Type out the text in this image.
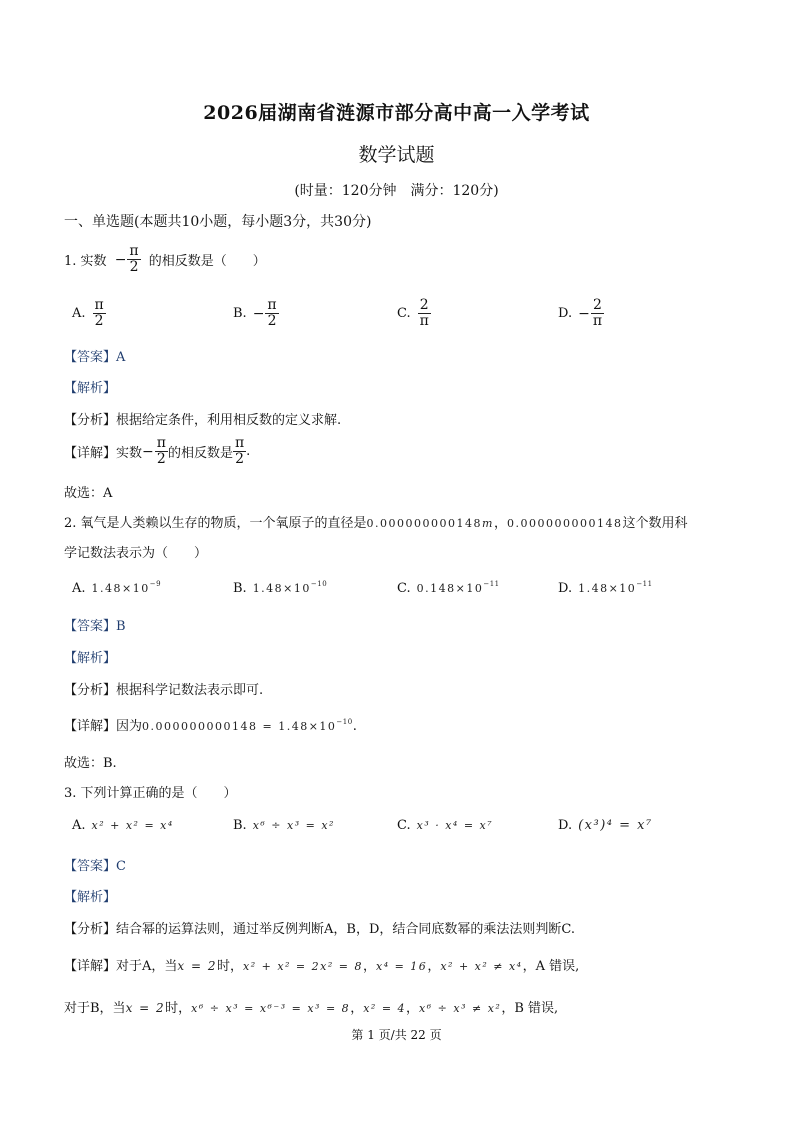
2026届湖南省涟源市部分高中高一入学考试
数学试题
(时量：120分钟　满分：120分)
一、单选题(本题共10小题，每小题3分，共30分)
1. 实数 − $\frac{\pi}{2}$ 的相反数是（　　）
A. $\frac{\pi}{2}$	B. − $\frac{\pi}{2}$	C. $\frac{2}{\pi}$	D. − $\frac{2}{\pi}$
【答案】A
【解析】
【分析】根据给定条件，利用相反数的定义求解.
【详解】实数− $\frac{\pi}{2}$ 的相反数是 $\frac{\pi}{2}$ .
故选：A
2. 氧气是人类赖以生存的物质，一个氧原子的直径是0.000000000148m，0.000000000148这个数用科
学记数法表示为（　　）
A. $1.48\times 10^{-9}$	B. $1.48\times 10^{-10}$	C. $0.148\times 10^{-11}$	D. $1.48\times 10^{-11}$
【答案】B
【解析】
【分析】根据科学记数法表示即可.
【详解】因为$0.000000000148 = 1.48\times 10^{-10}$.
故选：B.
3. 下列计算正确的是（　　）
A. x² + x² = x⁴	B. x⁶ ÷ x³ = x²	C. x³ · x⁴ = x⁷	D. (x³)⁴ = x⁷
【答案】C
【解析】
【分析】结合幂的运算法则，通过举反例判断A，B，D，结合同底数幂的乘法法则判断C.
【详解】对于A，当x = 2时，x² + x² = 2x² = 8，x⁴ = 16，x² + x² ≠ x⁴，A 错误,
对于B，当x = 2时，x⁶ ÷ x³ = x⁶⁻³ = x³ = 8，x² = 4，x⁶ ÷ x³ ≠ x²，B 错误,
第 1 页/共 22 页
